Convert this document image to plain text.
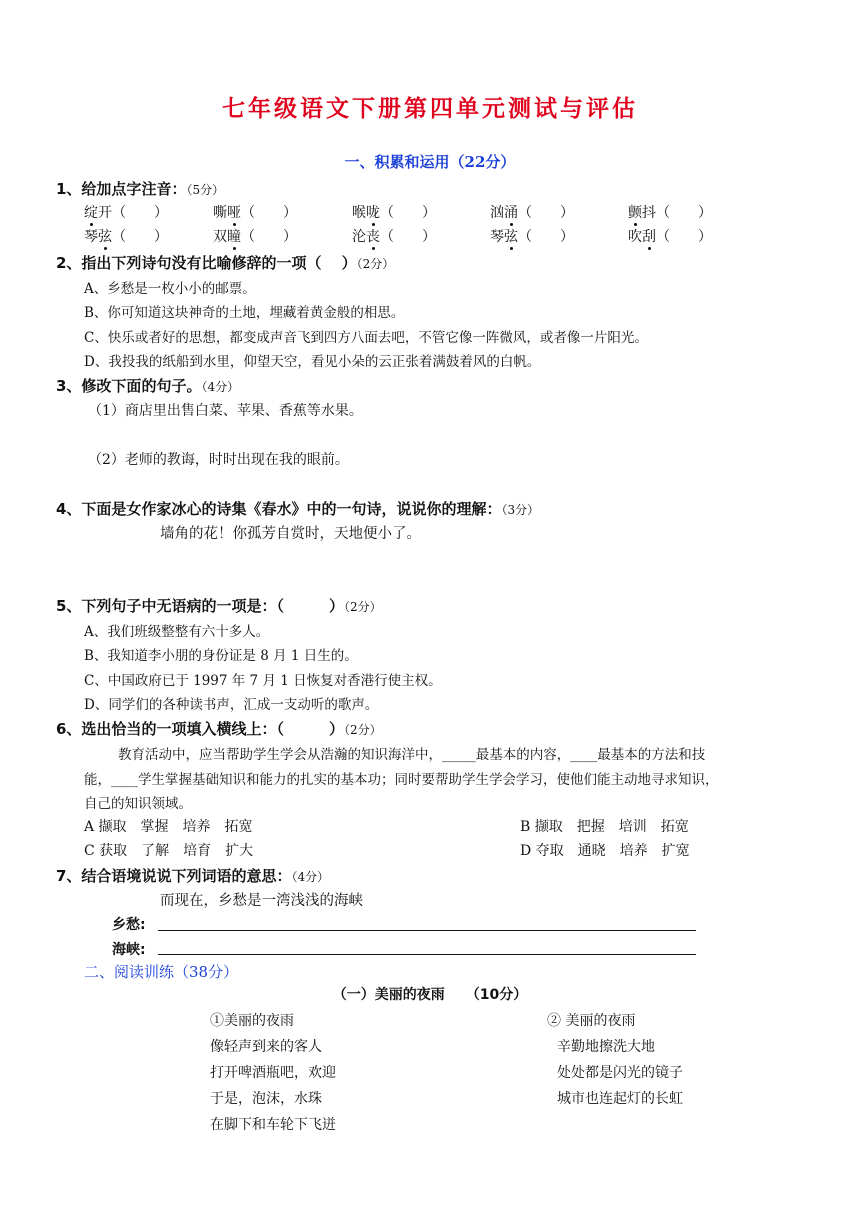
七年级语文下册第四单元测试与评估
一、积累和运用（22分）
1、给加点字注音：（5分）
绽开（　　）	嘶哑（　　）	喉咙（　　）	汹涌（　　）	颤抖（　　）
琴弦（　　）	双瞳（　　）	沦丧（　　）	琴弦（　　）	吹刮（　　）
2、指出下列诗句没有比喻修辞的一项（　 ）（2分）
A、乡愁是一枚小小的邮票。
B、你可知道这块神奇的土地，埋藏着黄金般的相思。
C、快乐或者好的思想，都变成声音飞到四方八面去吧，不管它像一阵微风，或者像一片阳光。
D、我投我的纸船到水里，仰望天空，看见小朵的云正张着满鼓着风的白帆。
3、修改下面的句子。（4分）
（1）商店里出售白菜、苹果、香蕉等水果。
（2）老师的教诲，时时出现在我的眼前。
4、下面是女作家冰心的诗集《春水》中的一句诗，说说你的理解：（3分）
墙角的花！你孤芳自赏时，天地便小了。
5、下列句子中无语病的一项是：（　　　）（2分）
A、我们班级整整有六十多人。
B、我知道李小朋的身份证是 8 月 1 日生的。
C、中国政府已于 1997 年 7 月 1 日恢复对香港行使主权。
D、同学们的各种读书声，汇成一支动听的歌声。
6、选出恰当的一项填入横线上：（　　　）（2分）
教育活动中，应当帮助学生学会从浩瀚的知识海洋中，_____最基本的内容，____最基本的方法和技
能，____学生掌握基础知识和能力的扎实的基本功；同时要帮助学生学会学习，使他们能主动地寻求知识，
自己的知识领域。
A 撷取　掌握　培养　拓宽	B 撷取　把握　培训　拓宽
C 获取　了解　培育　扩大	D 夺取　通晓　培养　扩宽
7、结合语境说说下列词语的意思：（4分）
而现在，乡愁是一湾浅浅的海峡
乡愁:
海峡:
二、阅读训练（38分）
（一）美丽的夜雨　　（10分）
①美丽的夜雨
像轻声到来的客人
打开啤酒瓶吧，欢迎
于是，泡沫，水珠
在脚下和车轮下飞迸
② 美丽的夜雨
辛勤地擦洗大地
处处都是闪光的镜子
城市也连起灯的长虹
